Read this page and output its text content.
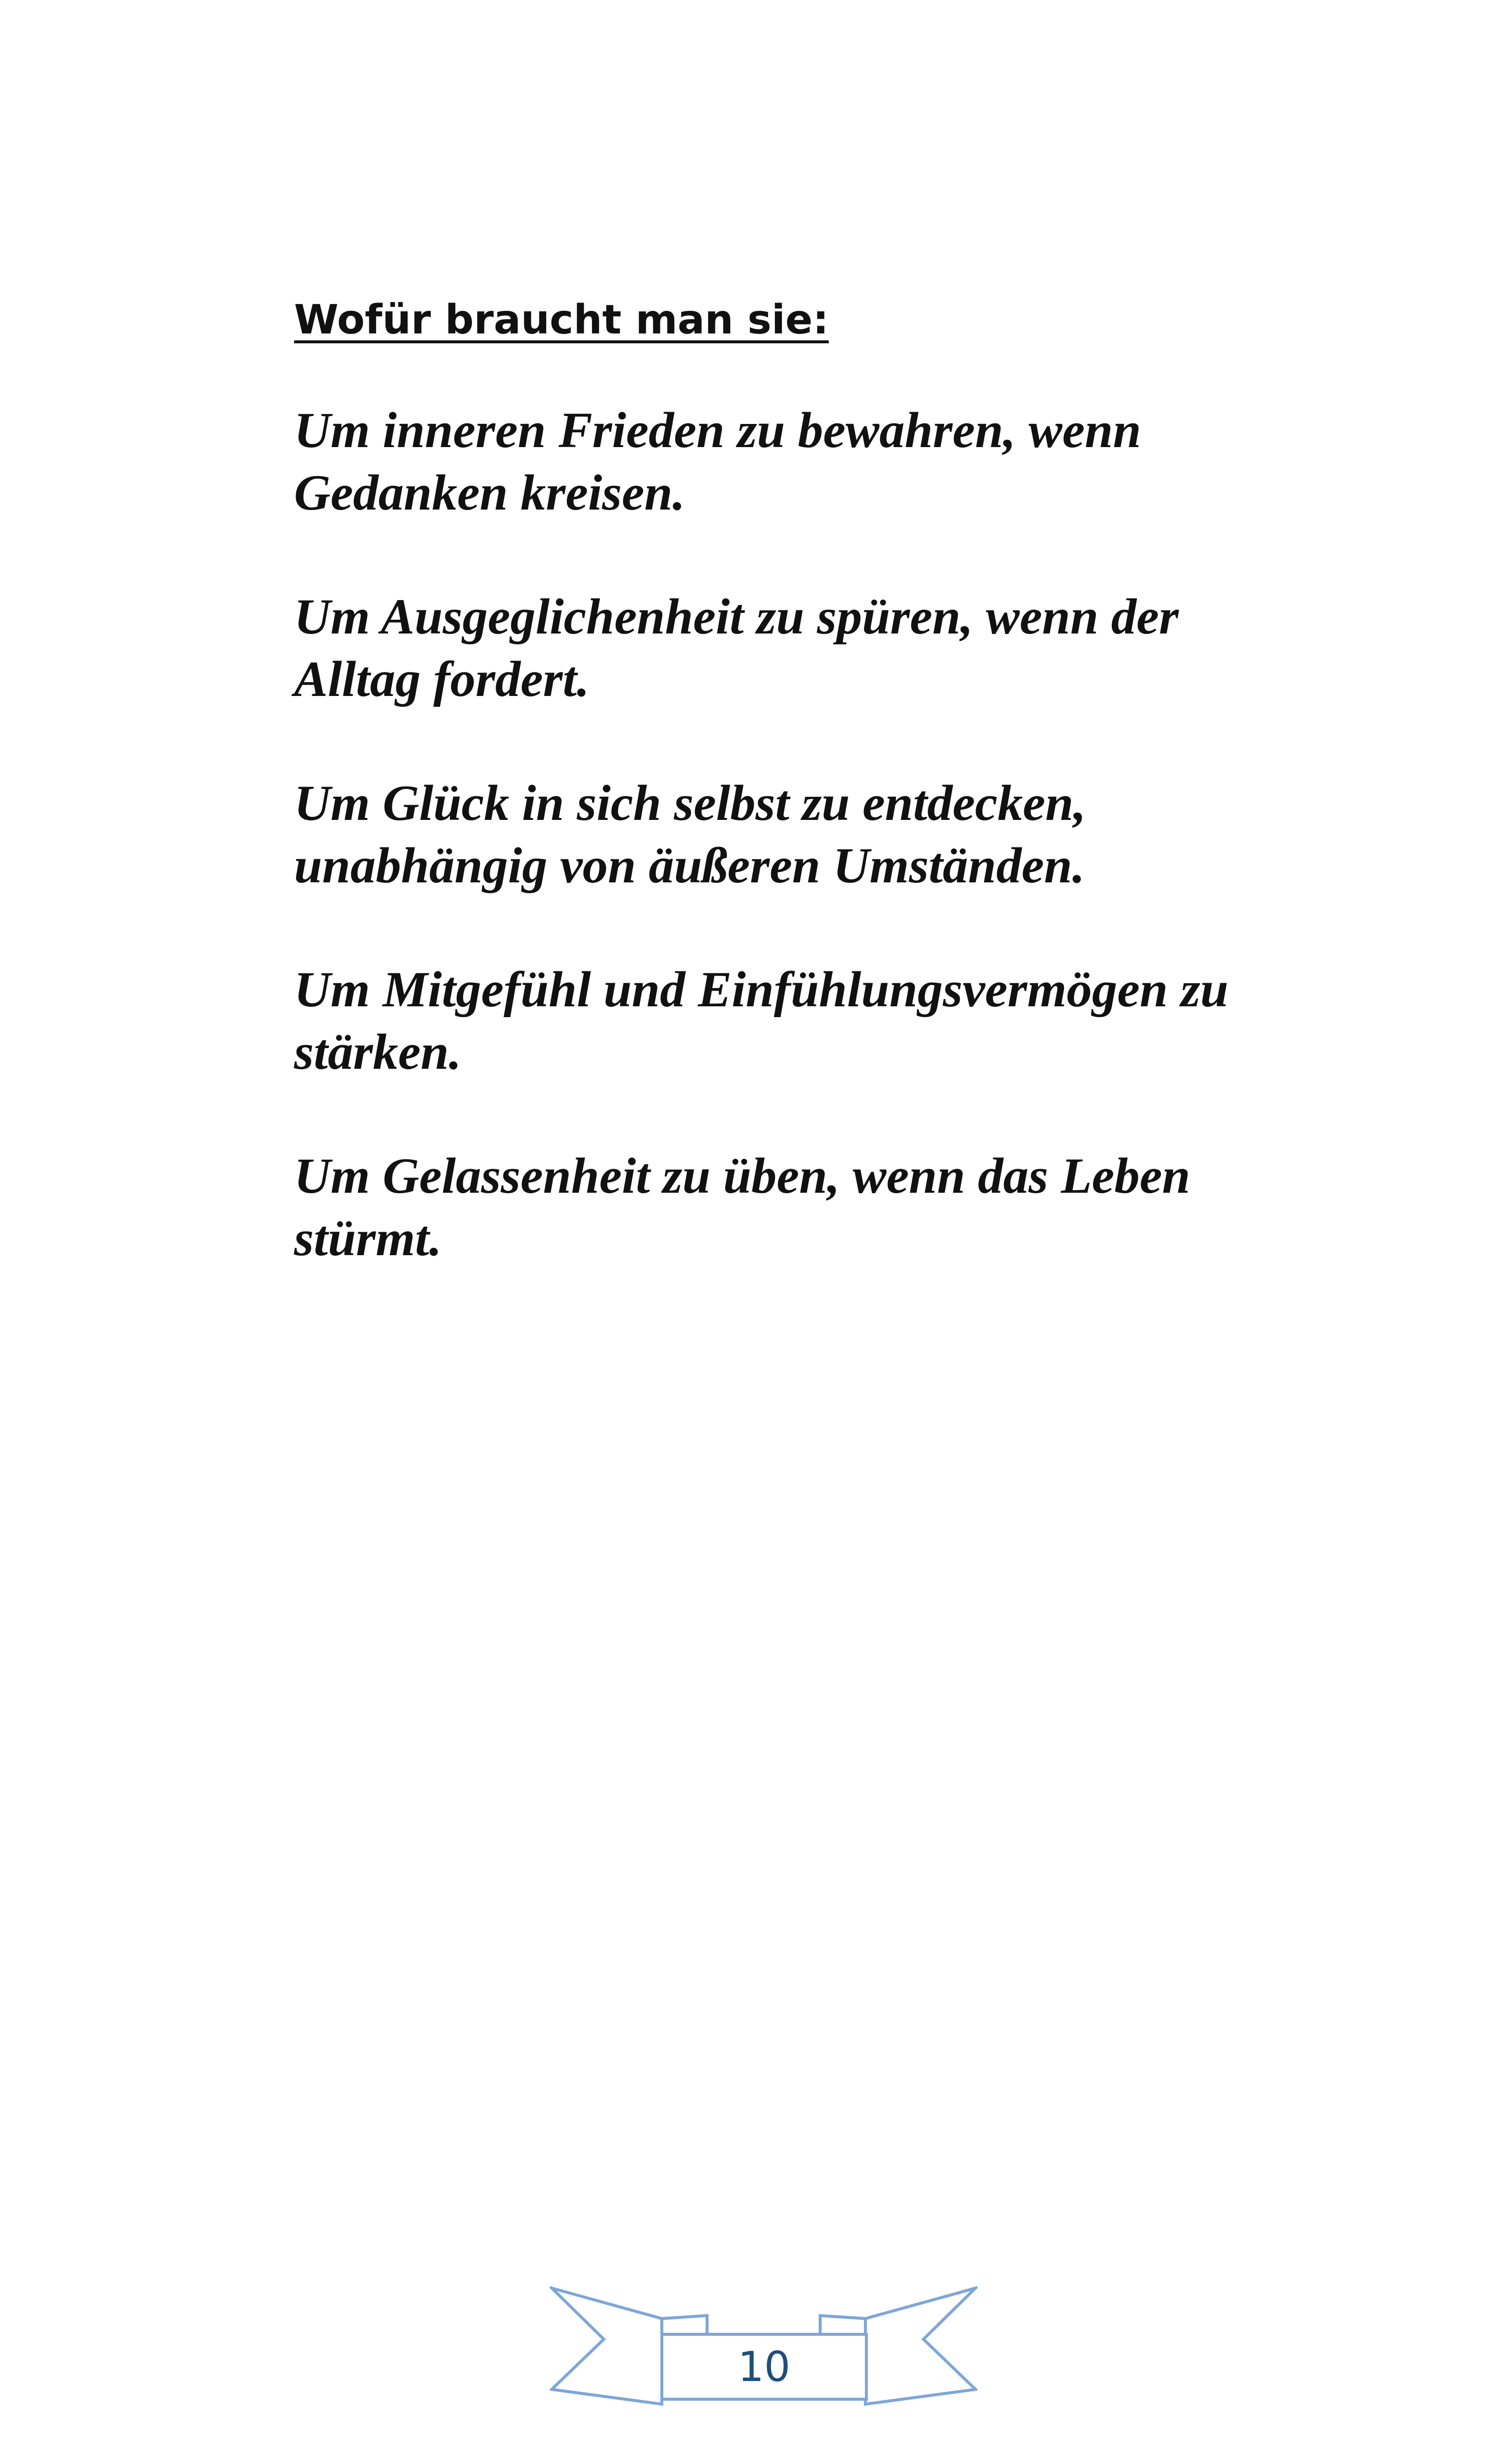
Wofür braucht man sie:

Um inneren Frieden zu bewahren, wenn Gedanken kreisen.

Um Ausgeglichenheit zu spüren, wenn der Alltag fordert.

Um Glück in sich selbst zu entdecken, unabhängig von äußeren Umständen.

Um Mitgefühl und Einfühlungsvermögen zu stärken.

Um Gelassenheit zu üben, wenn das Leben stürmt.

10
